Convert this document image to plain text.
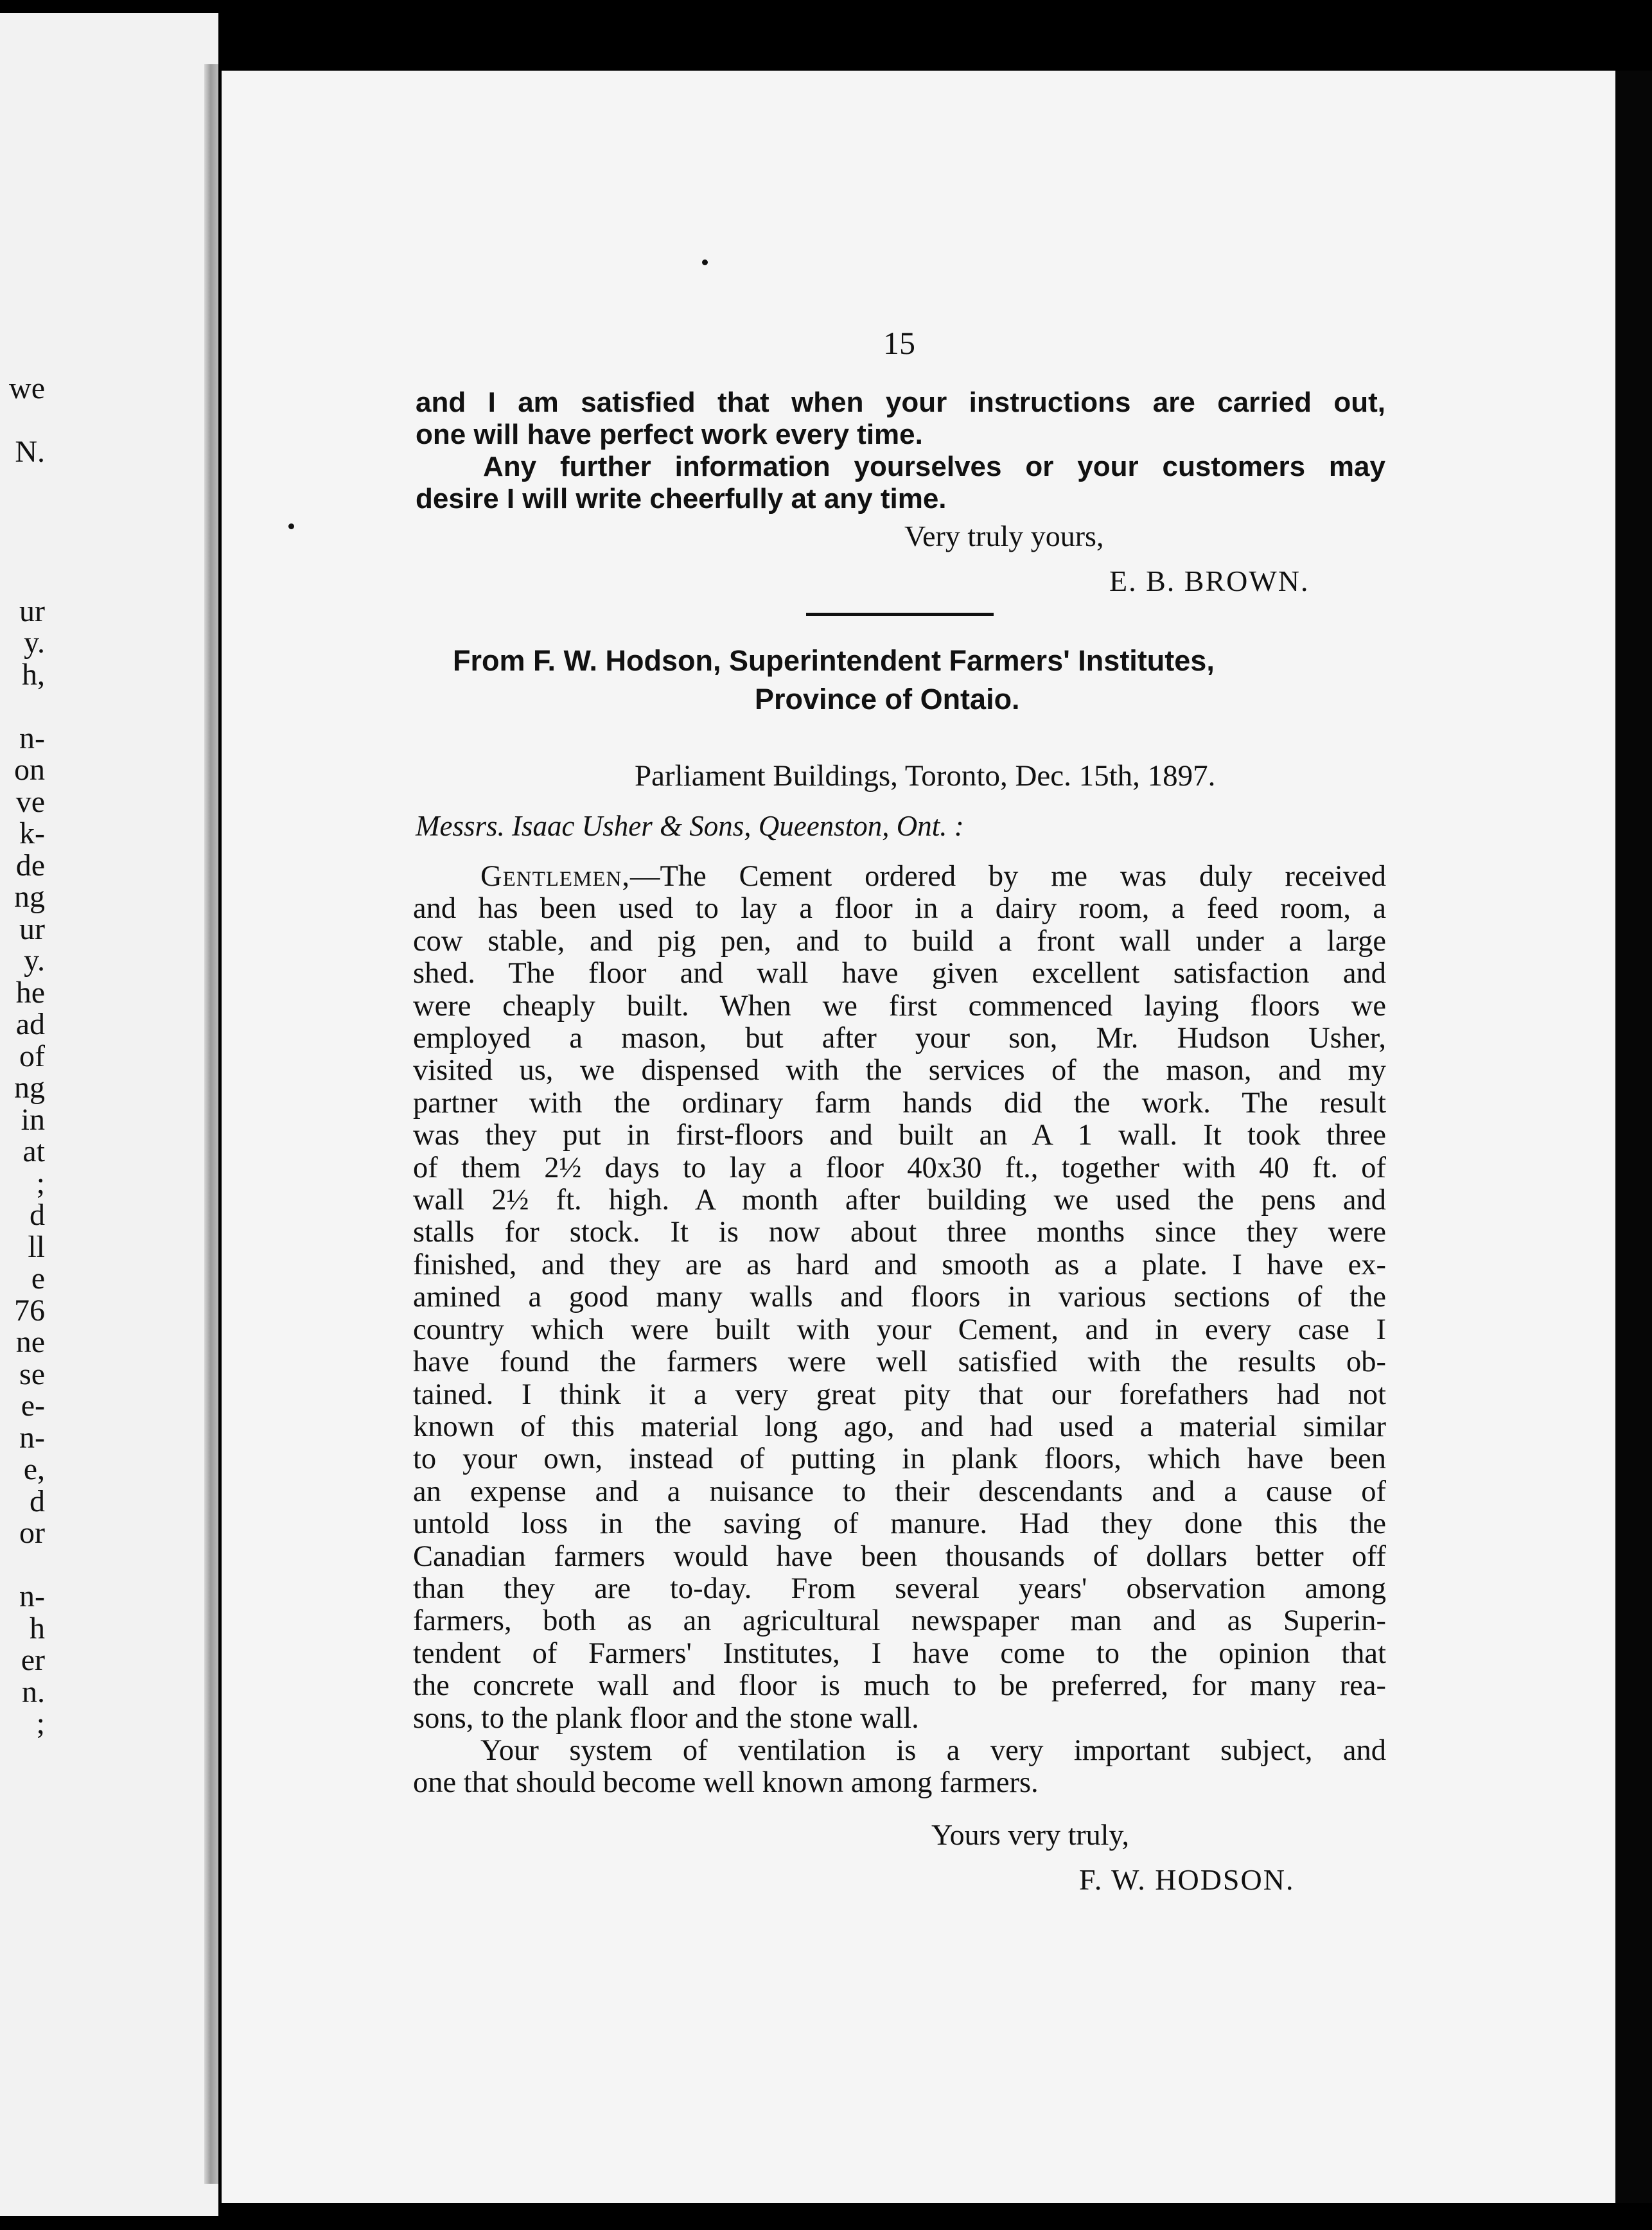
we
N.
ur
y.
h,
n-
on
ve
k-
de
ng
ur
y.
he
ad
of
ng
in
at
;
d
ll
e
76
ne
se
e-
n-
e,
d
or
n-
h
er
n.
;
15
and I am satisfied that when your instructions are carried out,
one will have perfect work every time.
Any further information yourselves or your customers may
desire I will write cheerfully at any time.
Very truly yours,
E. B. BROWN.
From F. W. Hodson, Superintendent Farmers' Institutes,
Province of Ontaio.
Parliament Buildings, Toronto, Dec. 15th, 1897.
Messrs. Isaac Usher & Sons, Queenston, Ont. :
Gentlemen,—The Cement ordered by me was duly received
and has been used to lay a floor in a dairy room, a feed room, a
cow stable, and pig pen, and to build a front wall under a large
shed. The floor and wall have given excellent satisfaction and
were cheaply built. When we first commenced laying floors we
employed a mason, but after your son, Mr. Hudson Usher,
visited us, we dispensed with the services of the mason, and my
partner with the ordinary farm hands did the work. The result
was they put in first-floors and built an A 1 wall. It took three
of them 2½ days to lay a floor 40x30 ft., together with 40 ft. of
wall 2½ ft. high. A month after building we used the pens and
stalls for stock. It is now about three months since they were
finished, and they are as hard and smooth as a plate. I have ex-
amined a good many walls and floors in various sections of the
country which were built with your Cement, and in every case I
have found the farmers were well satisfied with the results ob-
tained. I think it a very great pity that our forefathers had not
known of this material long ago, and had used a material similar
to your own, instead of putting in plank floors, which have been
an expense and a nuisance to their descendants and a cause of
untold loss in the saving of manure. Had they done this the
Canadian farmers would have been thousands of dollars better off
than they are to-day. From several years' observation among
farmers, both as an agricultural newspaper man and as Superin-
tendent of Farmers' Institutes, I have come to the opinion that
the concrete wall and floor is much to be preferred, for many rea-
sons, to the plank floor and the stone wall.
Your system of ventilation is a very important subject, and
one that should become well known among farmers.
Yours very truly,
F. W. HODSON.
